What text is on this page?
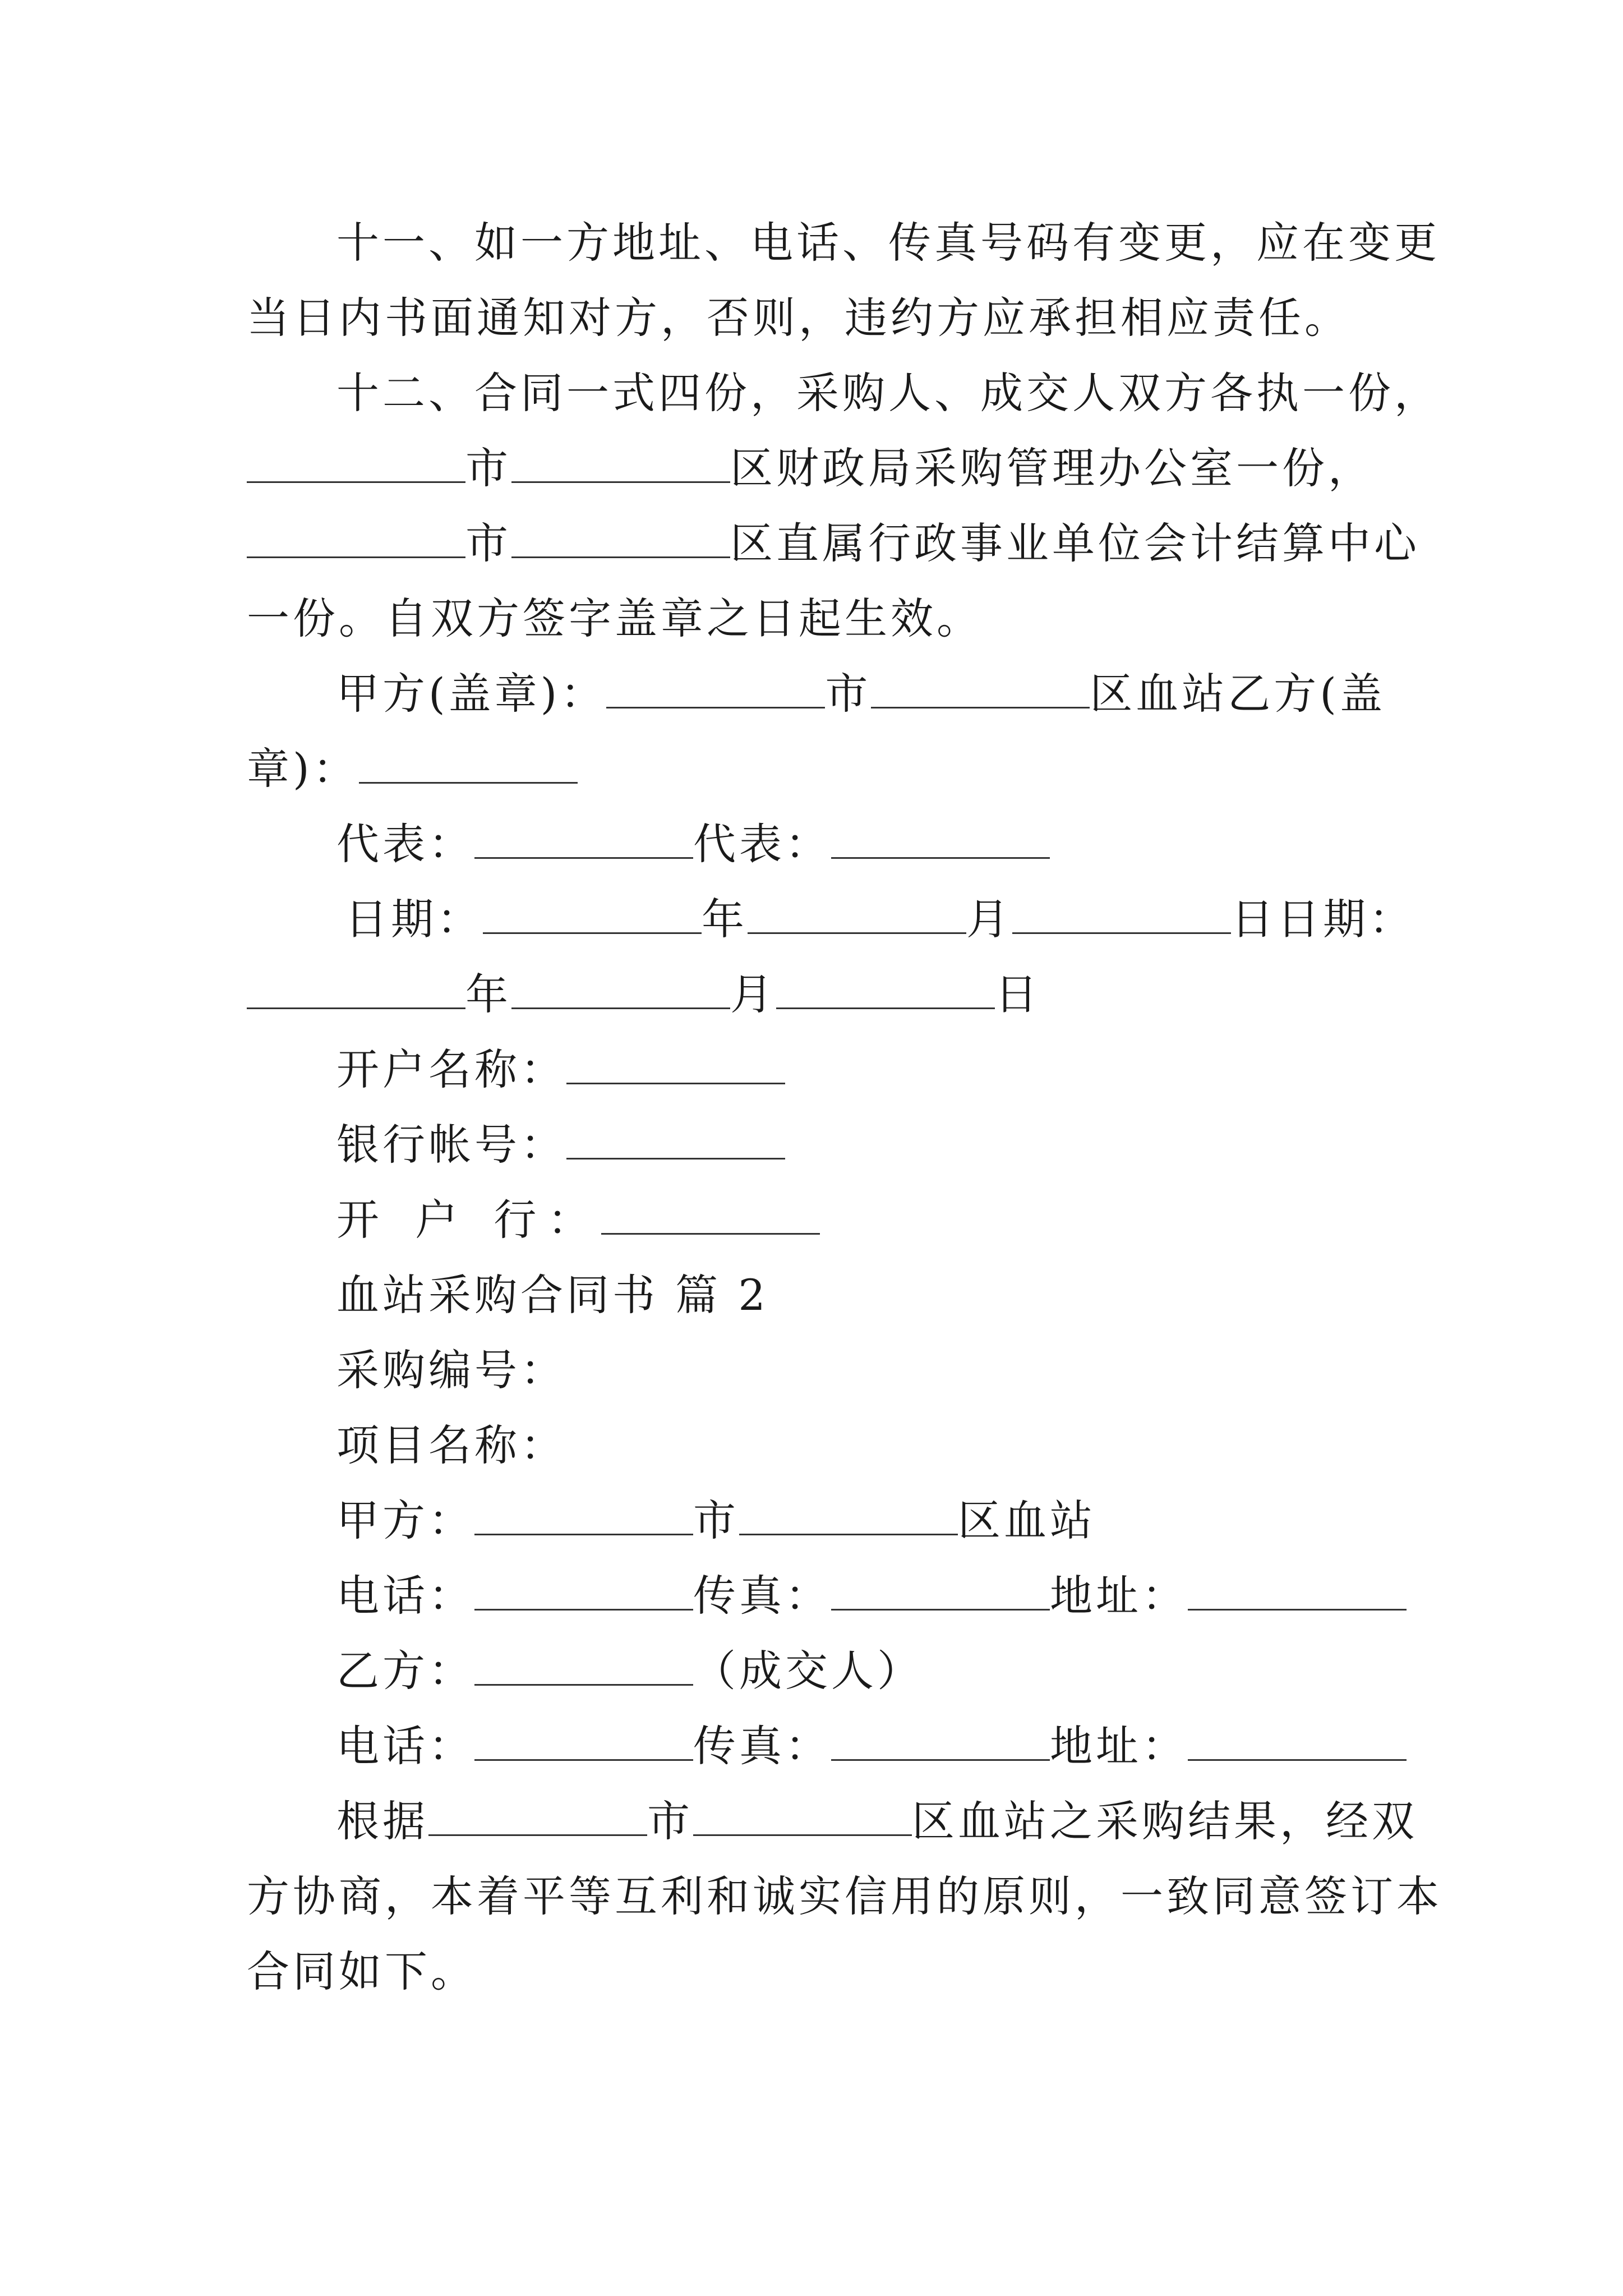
十一、如一方地址、电话、传真号码有变更，应在变更
当日内书面通知对方，否则，违约方应承担相应责任。
十二、合同一式四份，采购人、成交人双方各执一份，
市	区财政局采购管理办公室一份，
市	区直属行政事业单位会计结算中心
一份。自双方签字盖章之日起生效。
甲方(盖章)：	市	区血站乙方(盖
章)：
代表：	代表：
日期：	年	月	日日期：
年	月	日
开户名称：
银行帐号：
开 户 行：
血站采购合同书 篇 2
采购编号：
项目名称：
甲方：	市	区血站
电话：	传真：	地址：
乙方：	（成交人）
电话：	传真：	地址：
根据	市	区血站之采购结果，经双
方协商，本着平等互利和诚实信用的原则，一致同意签订本
合同如下。
